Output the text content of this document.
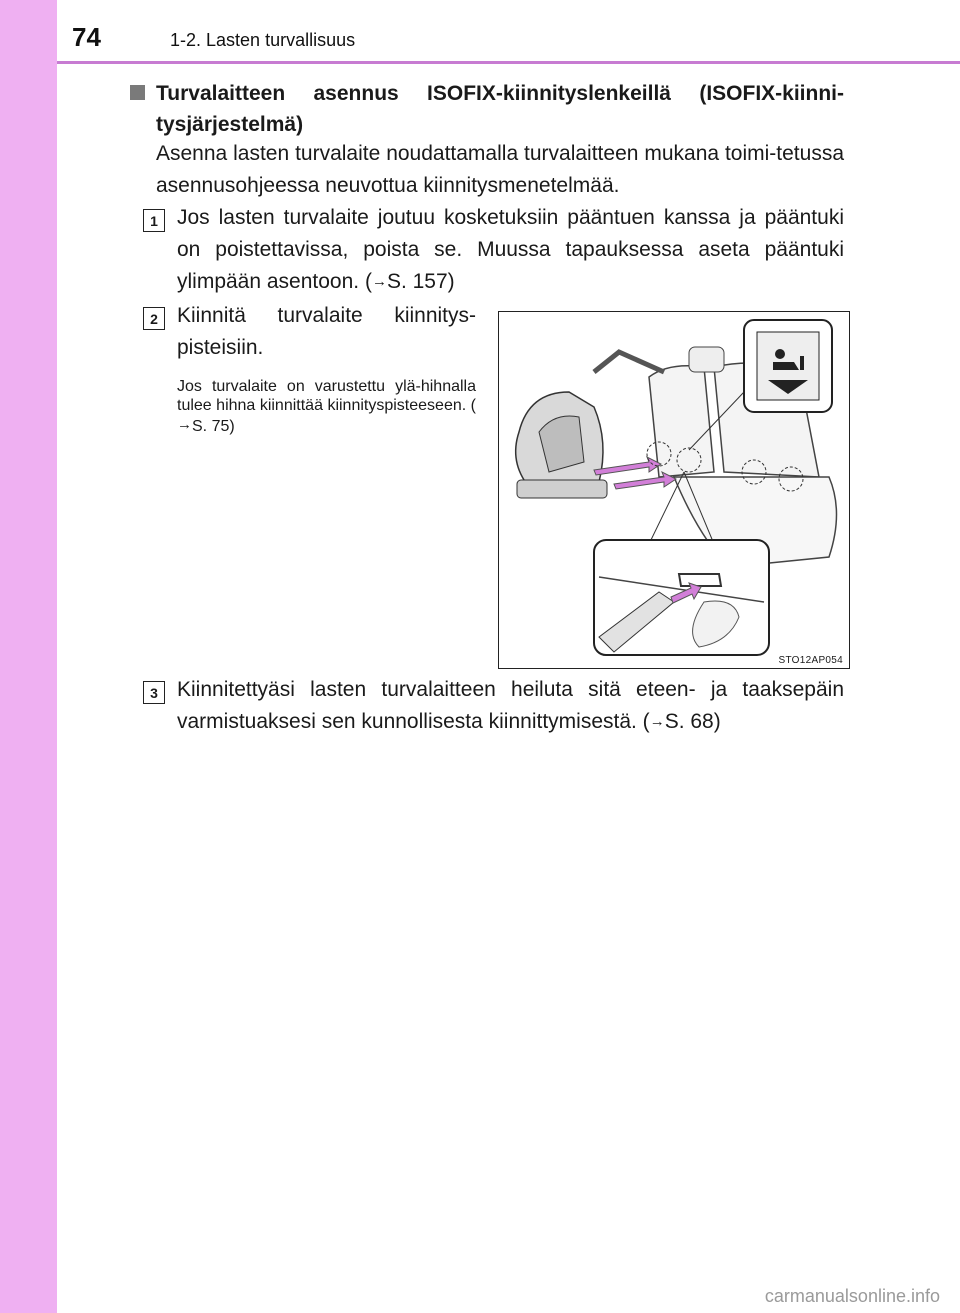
74	1-2. Lasten turvallisuus
Turvalaitteen asennus ISOFIX-kiinnityslenkeillä (ISOFIX-kiinni-tysjärjestelmä)
Asenna lasten turvalaite noudattamalla turvalaitteen mukana toimi-tetussa asennusohjeessa neuvottua kiinnitysmenetelmää.
1 Jos lasten turvalaite joutuu kosketuksiin pääntuen kanssa ja pääntuki on poistettavissa, poista se. Muussa tapauksessa aseta pääntuki ylimpään asentoon. (→S. 157)
2 Kiinnitä turvalaite kiinnitys-pisteisiin.
Jos turvalaite on varustettu ylä-hihnalla tulee hihna kiinnittää kiinnityspisteeseen. (→S. 75)
STO12AP054
3 Kiinnitettyäsi lasten turvalaitteen heiluta sitä eteen- ja taaksepäin varmistuaksesi sen kunnollisesta kiinnittymisestä. (→S. 68)
carmanualsonline.info
